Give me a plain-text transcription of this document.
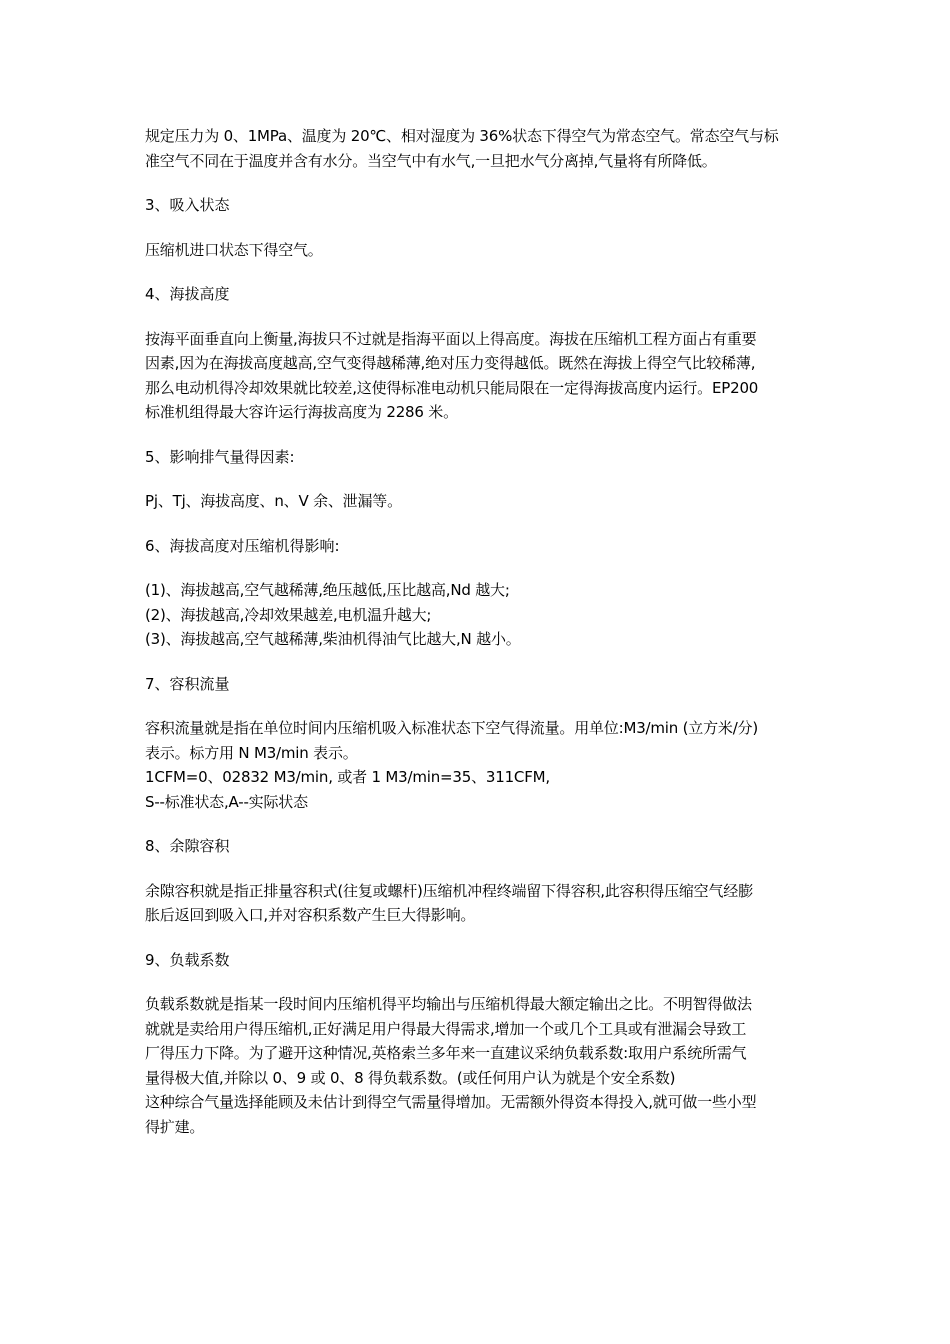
规定压力为 0、1MPa、温度为 20℃、相对湿度为 36%状态下得空气为常态空气。常态空气与标
准空气不同在于温度并含有水分。当空气中有水气,一旦把水气分离掉,气量将有所降低。
3、吸入状态
压缩机进口状态下得空气。
4、海拔高度
按海平面垂直向上衡量,海拔只不过就是指海平面以上得高度。海拔在压缩机工程方面占有重要
因素,因为在海拔高度越高,空气变得越稀薄,绝对压力变得越低。既然在海拔上得空气比较稀薄,
那么电动机得冷却效果就比较差,这使得标准电动机只能局限在一定得海拔高度内运行。EP200
标准机组得最大容许运行海拔高度为 2286 米。
5、影响排气量得因素:
Pj、Tj、海拔高度、n、V 余、泄漏等。
6、海拔高度对压缩机得影响:
(1)、海拔越高,空气越稀薄,绝压越低,压比越高,Nd 越大;
(2)、海拔越高,冷却效果越差,电机温升越大;
(3)、海拔越高,空气越稀薄,柴油机得油气比越大,N 越小。
7、容积流量
容积流量就是指在单位时间内压缩机吸入标准状态下空气得流量。用单位:M3/min (立方米/分)
表示。标方用 N M3/min 表示。
1CFM=0、02832 M3/min, 或者 1 M3/min=35、311CFM,
S--标准状态,A--实际状态
8、余隙容积
余隙容积就是指正排量容积式(往复或螺杆)压缩机冲程终端留下得容积,此容积得压缩空气经膨
胀后返回到吸入口,并对容积系数产生巨大得影响。
9、负载系数
负载系数就是指某一段时间内压缩机得平均输出与压缩机得最大额定输出之比。不明智得做法
就就是卖给用户得压缩机,正好满足用户得最大得需求,增加一个或几个工具或有泄漏会导致工
厂得压力下降。为了避开这种情况,英格索兰多年来一直建议采纳负载系数:取用户系统所需气
量得极大值,并除以 0、9 或 0、8 得负载系数。(或任何用户认为就是个安全系数)
这种综合气量选择能顾及未估计到得空气需量得增加。无需额外得资本得投入,就可做一些小型
得扩建。
